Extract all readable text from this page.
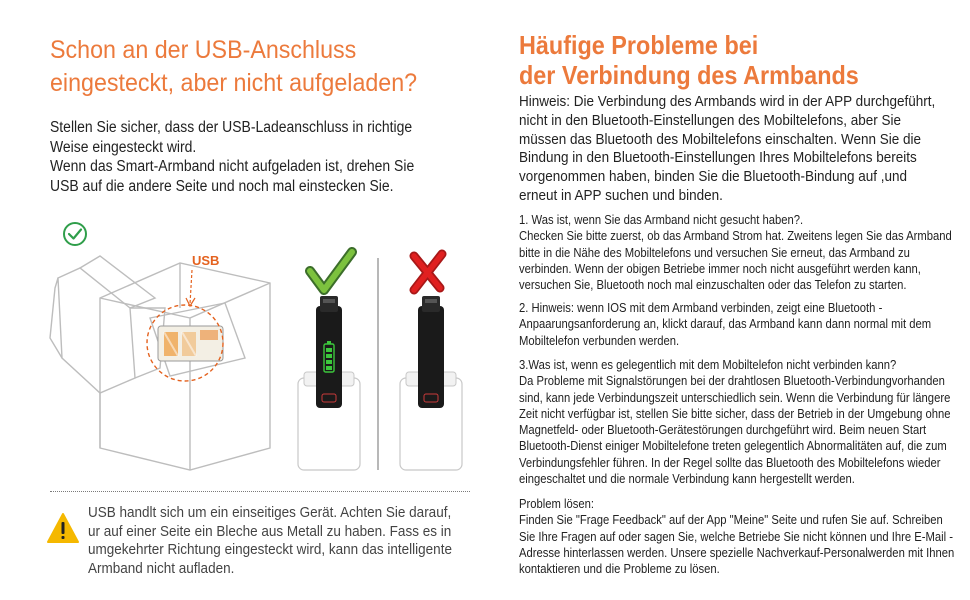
Schon an der USB-Anschluss
eingesteckt, aber nicht aufgeladen?

Stellen Sie sicher, dass der USB-Ladeanschluss in richtige Weise eingesteckt wird.
Wenn das Smart-Armband nicht aufgeladen ist, drehen Sie USB auf die andere Seite und noch mal einstecken Sie.

USB

USB handlt sich um ein einseitiges Gerät. Achten Sie darauf, ur auf einer Seite ein Bleche aus Metall zu haben. Fass es in umgekehrter Richtung eingesteckt wird, kann das intelligente Armband nicht aufladen.

Häufige Probleme bei
der Verbindung des Armbands

Hinweis: Die Verbindung des Armbands wird in der APP durchgeführt, nicht in den Bluetooth-Einstellungen des Mobiltelefons, aber Sie müssen das Bluetooth des Mobiltelefons einschalten. Wenn Sie die Bindung in den Bluetooth-Einstellungen Ihres Mobiltelefons bereits vorgenommen haben, binden Sie die Bluetooth-Bindung auf ,und erneut in APP suchen und binden.

1. Was ist, wenn Sie das Armband nicht gesucht haben?.
Checken Sie bitte zuerst, ob das Armband Strom hat. Zweitens legen Sie das Armband bitte in die Nähe des Mobiltelefons und versuchen Sie erneut, das Armband zu verbinden. Wenn der obigen Betriebe immer noch nicht ausgeführt werden kann, versuchen Sie, Bluetooth noch mal einzuschalten oder das Telefon zu starten.

2. Hinweis: wenn IOS mit dem Armband verbinden, zeigt eine Bluetooth -Anpaarungsanforderung an, klickt darauf, das Armband kann dann normal mit dem Mobiltelefon verbunden werden.

3.Was ist, wenn es gelegentlich mit dem Mobiltelefon nicht verbinden kann?
Da Probleme mit Signalstörungen bei der drahtlosen Bluetooth-Verbindungvorhanden sind, kann jede Verbindungszeit unterschiedlich sein. Wenn die Verbindung für längere Zeit nicht verfügbar ist, stellen Sie bitte sicher, dass der Betrieb in der Umgebung ohne Magnetfeld- oder Bluetooth-Gerätestörungen durchgeführt wird. Beim neuen Start Bluetooth-Dienst einiger Mobiltelefone treten gelegentlich Abnormalitäten auf, die zum Verbindungsfehler führen. In der Regel sollte das Bluetooth des Mobiltelefons wieder eingeschaltet und die normale Verbindung kann hergestellt werden.

Problem lösen:
Finden Sie "Frage Feedback" auf der App "Meine" Seite und rufen Sie auf. Schreiben Sie Ihre Fragen auf oder sagen Sie, welche Betriebe Sie nicht können und Ihre E-Mail -Adresse hinterlassen werden. Unsere spezielle Nachverkauf-Personalwerden mit Ihnen kontaktieren und die Probleme zu lösen.
